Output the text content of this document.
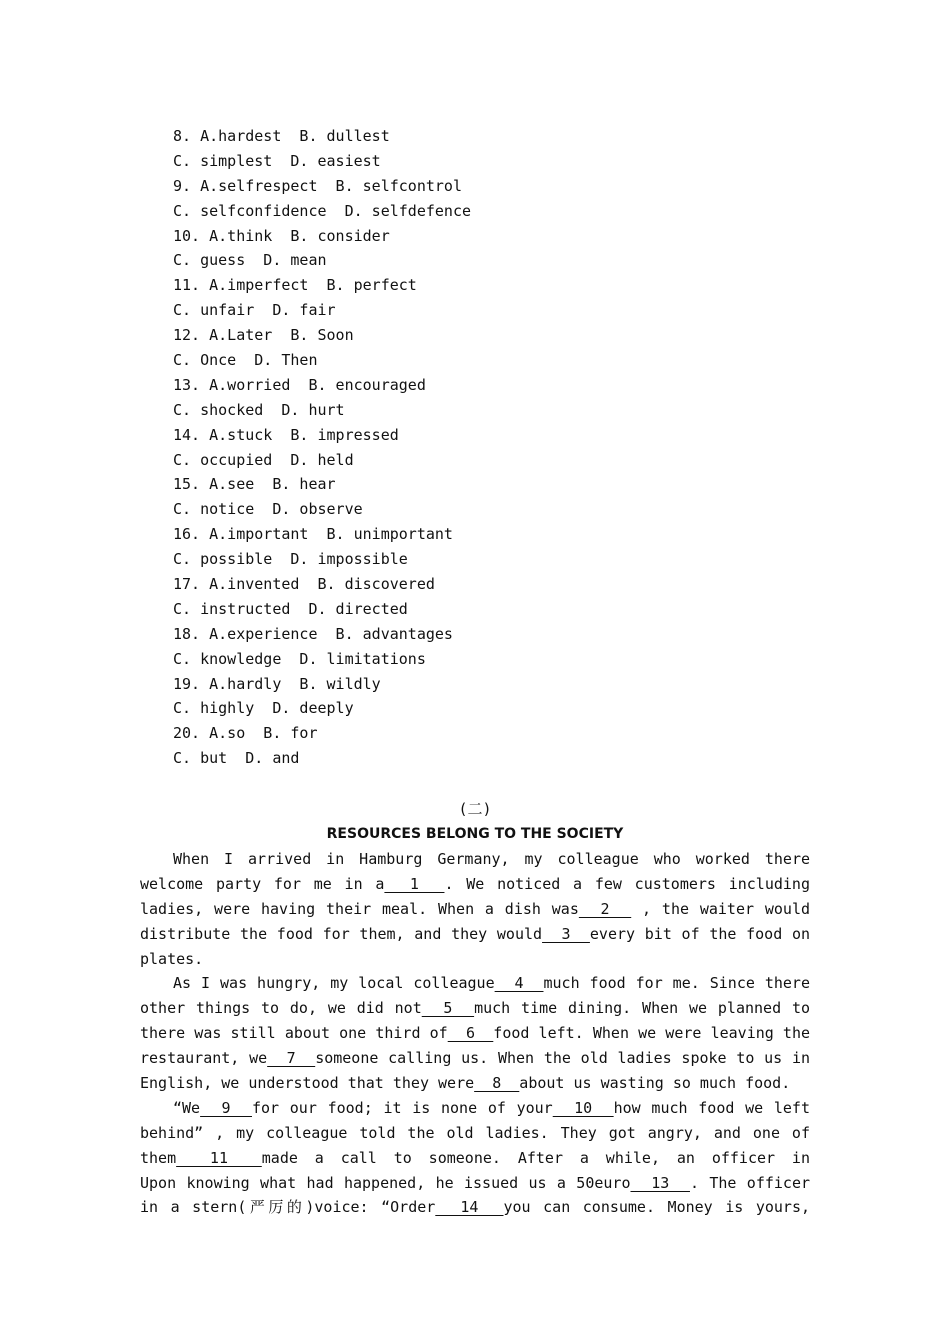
8. A.hardest  B. dullest
C. simplest  D. easiest
9. A.selfrespect  B. selfcontrol
C. selfconfidence  D. selfdefence
10. A.think  B. consider
C. guess  D. mean
11. A.imperfect  B. perfect
C. unfair  D. fair
12. A.Later  B. Soon
C. Once  D. Then
13. A.worried  B. encouraged
C. shocked  D. hurt
14. A.stuck  B. impressed
C. occupied  D. held
15. A.see  B. hear
C. notice  D. observe
16. A.important  B. unimportant
C. possible  D. impossible
17. A.invented  B. discovered
C. instructed  D. directed
18. A.experience  B. advantages
C. knowledge  D. limitations
19. A.hardly  B. wildly
C. highly  D. deeply
20. A.so  B. for
C. but  D. and
(二)
RESOURCES BELONG TO THE SOCIETY
When I arrived in Hamburg Germany, my colleague who worked there
welcome party for me in a  1  . We noticed a few customers including
ladies, were having their meal. When a dish was  2   , the waiter would
distribute the food for them, and they would  3  every bit of the food on
plates.
As I was hungry, my local colleague  4  much food for me. Since there
other things to do, we did not  5  much time dining. When we planned to
there was still about one third of  6  food left. When we were leaving the
restaurant, we  7  someone calling us. When the old ladies spoke to us in
English, we understood that they were  8  about us wasting so much food.
“We  9  for our food; it is none of your  10  how much food we left
behind” , my colleague told the old ladies. They got angry, and one of
them  11  made a call to someone. After a while, an officer in
Upon knowing what had happened, he issued us a 50euro  13  . The officer
in a stern(严厉的)voice: “Order  14  you can consume. Money is yours,
